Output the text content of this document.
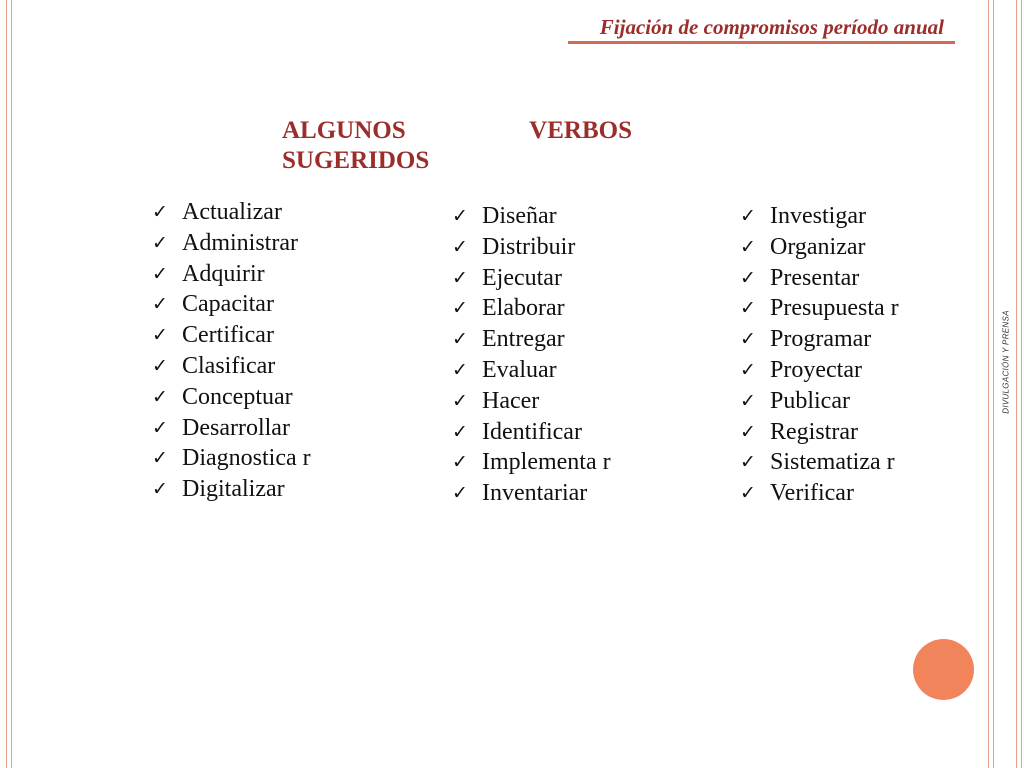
DIVULGACIÓN Y PRENSA
Fijación de compromisos período anual
ALGUNOS VERBOS SUGERIDOS
✓ Actualizar
✓ Administrar
✓ Adquirir
✓ Capacitar
✓ Certificar
✓ Clasificar
✓ Conceptuar
✓ Desarrollar
✓ Diagnostica r
✓ Digitalizar
✓ Diseñar
✓ Distribuir
✓ Ejecutar
✓ Elaborar
✓ Entregar
✓ Evaluar
✓ Hacer
✓ Identificar
✓ Implementa r
✓ Inventariar
✓ Investigar
✓ Organizar
✓ Presentar
✓ Presupuesta r
✓ Programar
✓ Proyectar
✓ Publicar
✓ Registrar
✓ Sistematiza r
✓ Verificar
